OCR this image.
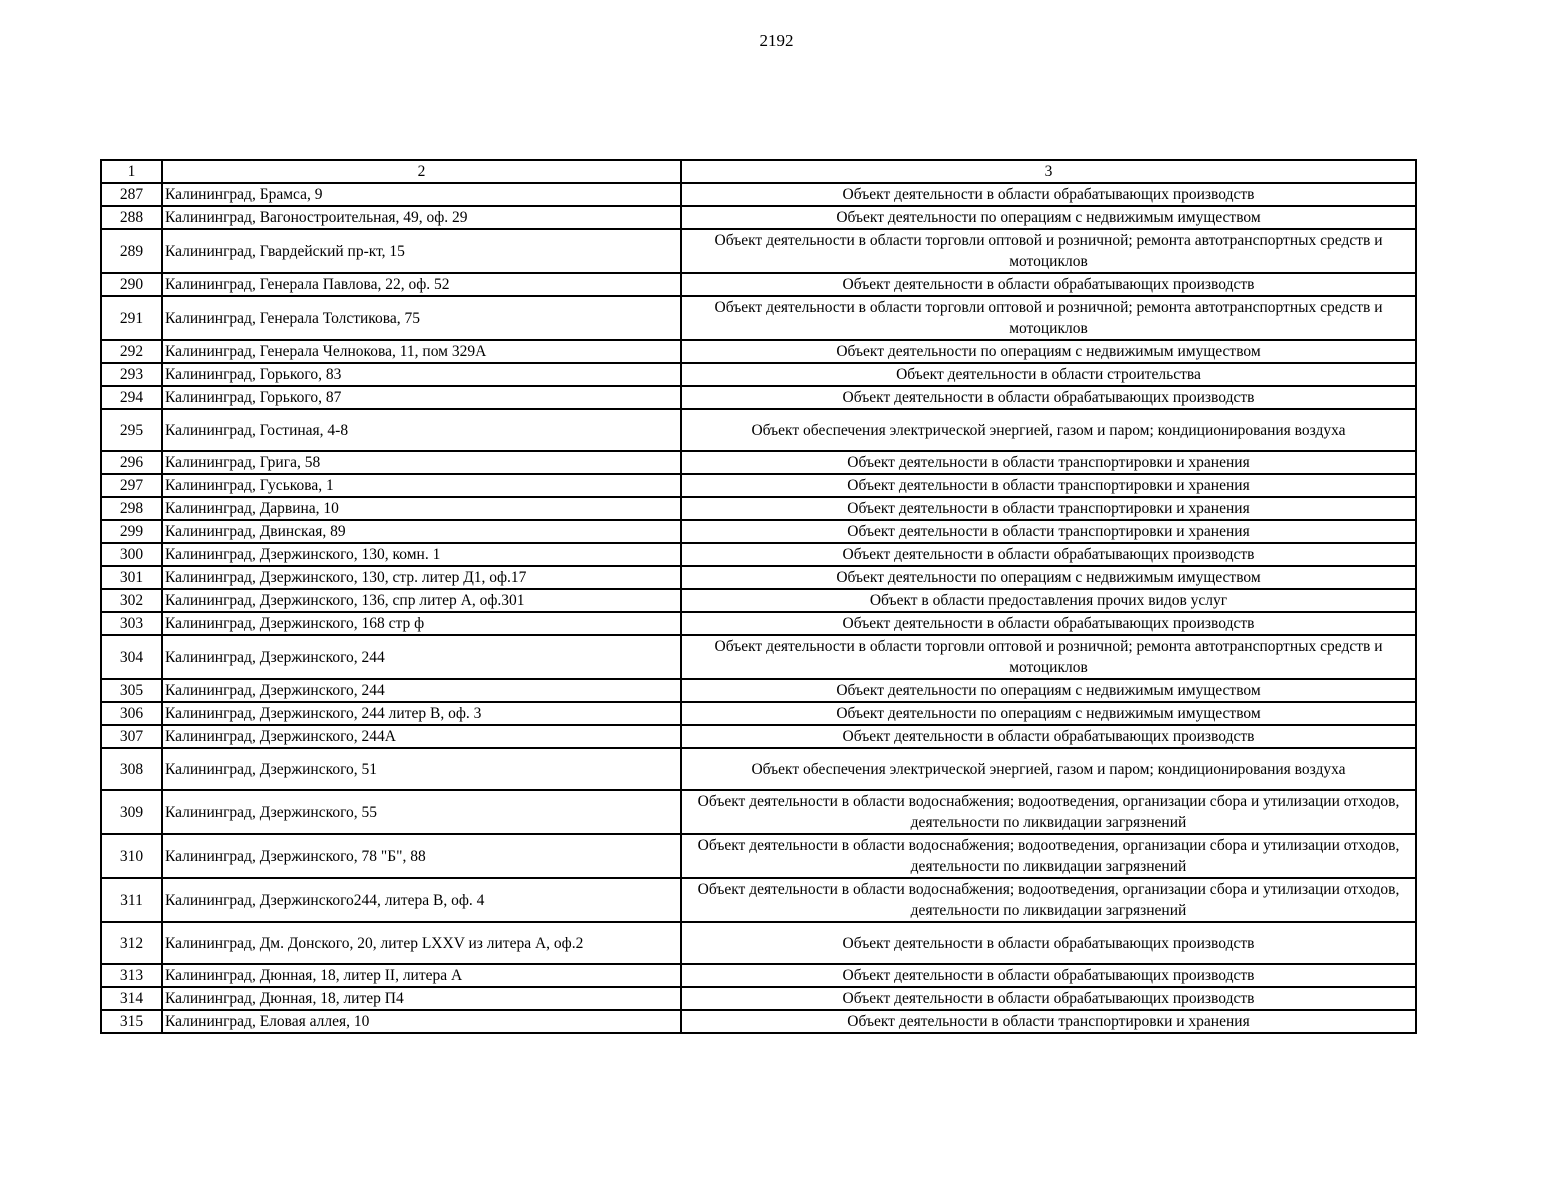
2192
1	2	3
287	Калининград, Брамса, 9	Объект деятельности в области обрабатывающих производств
288	Калининград, Вагоностроительная, 49, оф. 29	Объект деятельности по операциям с недвижимым имуществом
289	Калининград, Гвардейский пр-кт, 15	Объект деятельности в области торговли оптовой и розничной; ремонта автотранспортных средств и мотоциклов
290	Калининград, Генерала Павлова, 22, оф. 52	Объект деятельности в области обрабатывающих производств
291	Калининград, Генерала Толстикова, 75	Объект деятельности в области торговли оптовой и розничной; ремонта автотранспортных средств и мотоциклов
292	Калининград, Генерала Челнокова, 11, пом 329А	Объект деятельности по операциям с недвижимым имуществом
293	Калининград, Горького, 83	Объект деятельности в области строительства
294	Калининград, Горького, 87	Объект деятельности в области обрабатывающих производств
295	Калининград, Гостиная, 4-8	Объект обеспечения электрической энергией, газом и паром; кондиционирования воздуха
296	Калининград, Грига, 58	Объект деятельности в области транспортировки и хранения
297	Калининград, Гуськова, 1	Объект деятельности в области транспортировки и хранения
298	Калининград, Дарвина, 10	Объект деятельности в области транспортировки и хранения
299	Калининград, Двинская, 89	Объект деятельности в области транспортировки и хранения
300	Калининград, Дзержинского, 130, комн. 1	Объект деятельности в области обрабатывающих производств
301	Калининград, Дзержинского, 130, стр. литер Д1, оф.17	Объект деятельности по операциям с недвижимым имуществом
302	Калининград, Дзержинского, 136, спр литер А, оф.301	Объект в области предоставления прочих видов услуг
303	Калининград, Дзержинского, 168 стр ф	Объект деятельности в области обрабатывающих производств
304	Калининград, Дзержинского, 244	Объект деятельности в области торговли оптовой и розничной; ремонта автотранспортных средств и мотоциклов
305	Калининград, Дзержинского, 244	Объект деятельности по операциям с недвижимым имуществом
306	Калининград, Дзержинского, 244 литер В, оф. 3	Объект деятельности по операциям с недвижимым имуществом
307	Калининград, Дзержинского, 244А	Объект деятельности в области обрабатывающих производств
308	Калининград, Дзержинского, 51	Объект обеспечения электрической энергией, газом и паром; кондиционирования воздуха
309	Калининград, Дзержинского, 55	Объект деятельности в области водоснабжения; водоотведения, организации сбора и утилизации отходов, деятельности по ликвидации загрязнений
310	Калининград, Дзержинского, 78 "Б", 88	Объект деятельности в области водоснабжения; водоотведения, организации сбора и утилизации отходов, деятельности по ликвидации загрязнений
311	Калининград, Дзержинского244, литера В, оф. 4	Объект деятельности в области водоснабжения; водоотведения, организации сбора и утилизации отходов, деятельности по ликвидации загрязнений
312	Калининград, Дм. Донского, 20, литер LXXV из литера А, оф.2	Объект деятельности в области обрабатывающих производств
313	Калининград, Дюнная, 18, литер II, литера А	Объект деятельности в области обрабатывающих производств
314	Калининград, Дюнная, 18, литер П4	Объект деятельности в области обрабатывающих производств
315	Калининград, Еловая аллея, 10	Объект деятельности в области транспортировки и хранения
